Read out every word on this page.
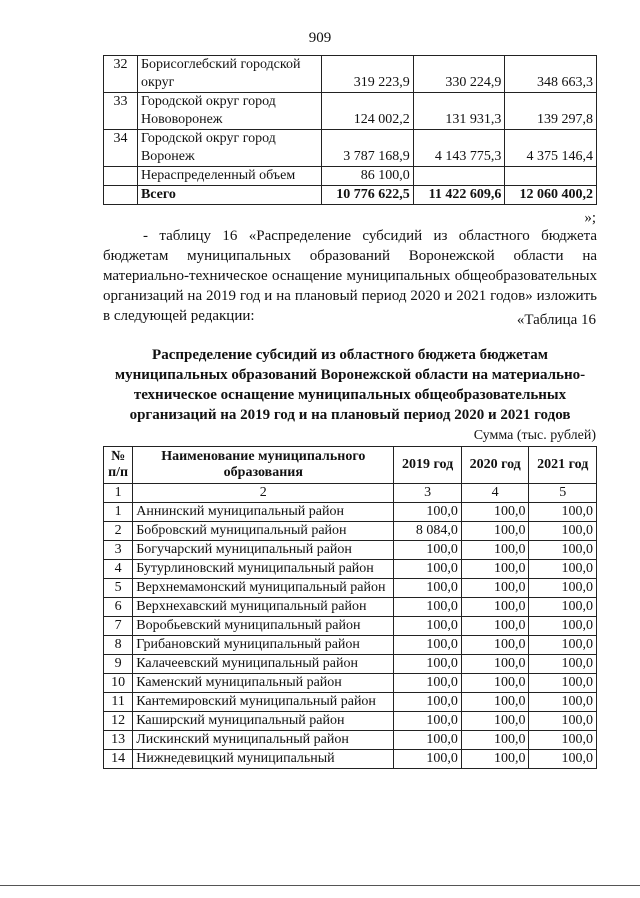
909
32	Борисоглебский городской округ	319 223,9	330 224,9	348 663,3
33	Городской округ город Нововоронеж	124 002,2	131 931,3	139 297,8
34	Городской округ город Воронеж	3 787 168,9	4 143 775,3	4 375 146,4
	Нераспределенный объем	86 100,0		
	Всего	10 776 622,5	11 422 609,6	12 060 400,2
»;
- таблицу 16 «Распределение субсидий из областного бюджета бюджетам муниципальных образований Воронежской области на материально-техническое оснащение муниципальных общеобразовательных организаций на 2019 год и на плановый период 2020 и 2021 годов» изложить в следующей редакции:	«Таблица 16
Распределение субсидий из областного бюджета бюджетам муниципальных образований Воронежской области на материально-техническое оснащение муниципальных общеобразовательных организаций на 2019 год и на плановый период 2020 и 2021 годов
Сумма (тыс. рублей)
№ п/п	Наименование муниципального образования	2019 год	2020 год	2021 год
1	2	3	4	5
1	Аннинский муниципальный район	100,0	100,0	100,0
2	Бобровский муниципальный район	8 084,0	100,0	100,0
3	Богучарский муниципальный район	100,0	100,0	100,0
4	Бутурлиновский муниципальный район	100,0	100,0	100,0
5	Верхнемамонский муниципальный район	100,0	100,0	100,0
6	Верхнехавский муниципальный район	100,0	100,0	100,0
7	Воробьевский муниципальный район	100,0	100,0	100,0
8	Грибановский муниципальный район	100,0	100,0	100,0
9	Калачеевский муниципальный район	100,0	100,0	100,0
10	Каменский муниципальный район	100,0	100,0	100,0
11	Кантемировский муниципальный район	100,0	100,0	100,0
12	Каширский муниципальный район	100,0	100,0	100,0
13	Лискинский муниципальный район	100,0	100,0	100,0
14	Нижнедевицкий муниципальный	100,0	100,0	100,0
